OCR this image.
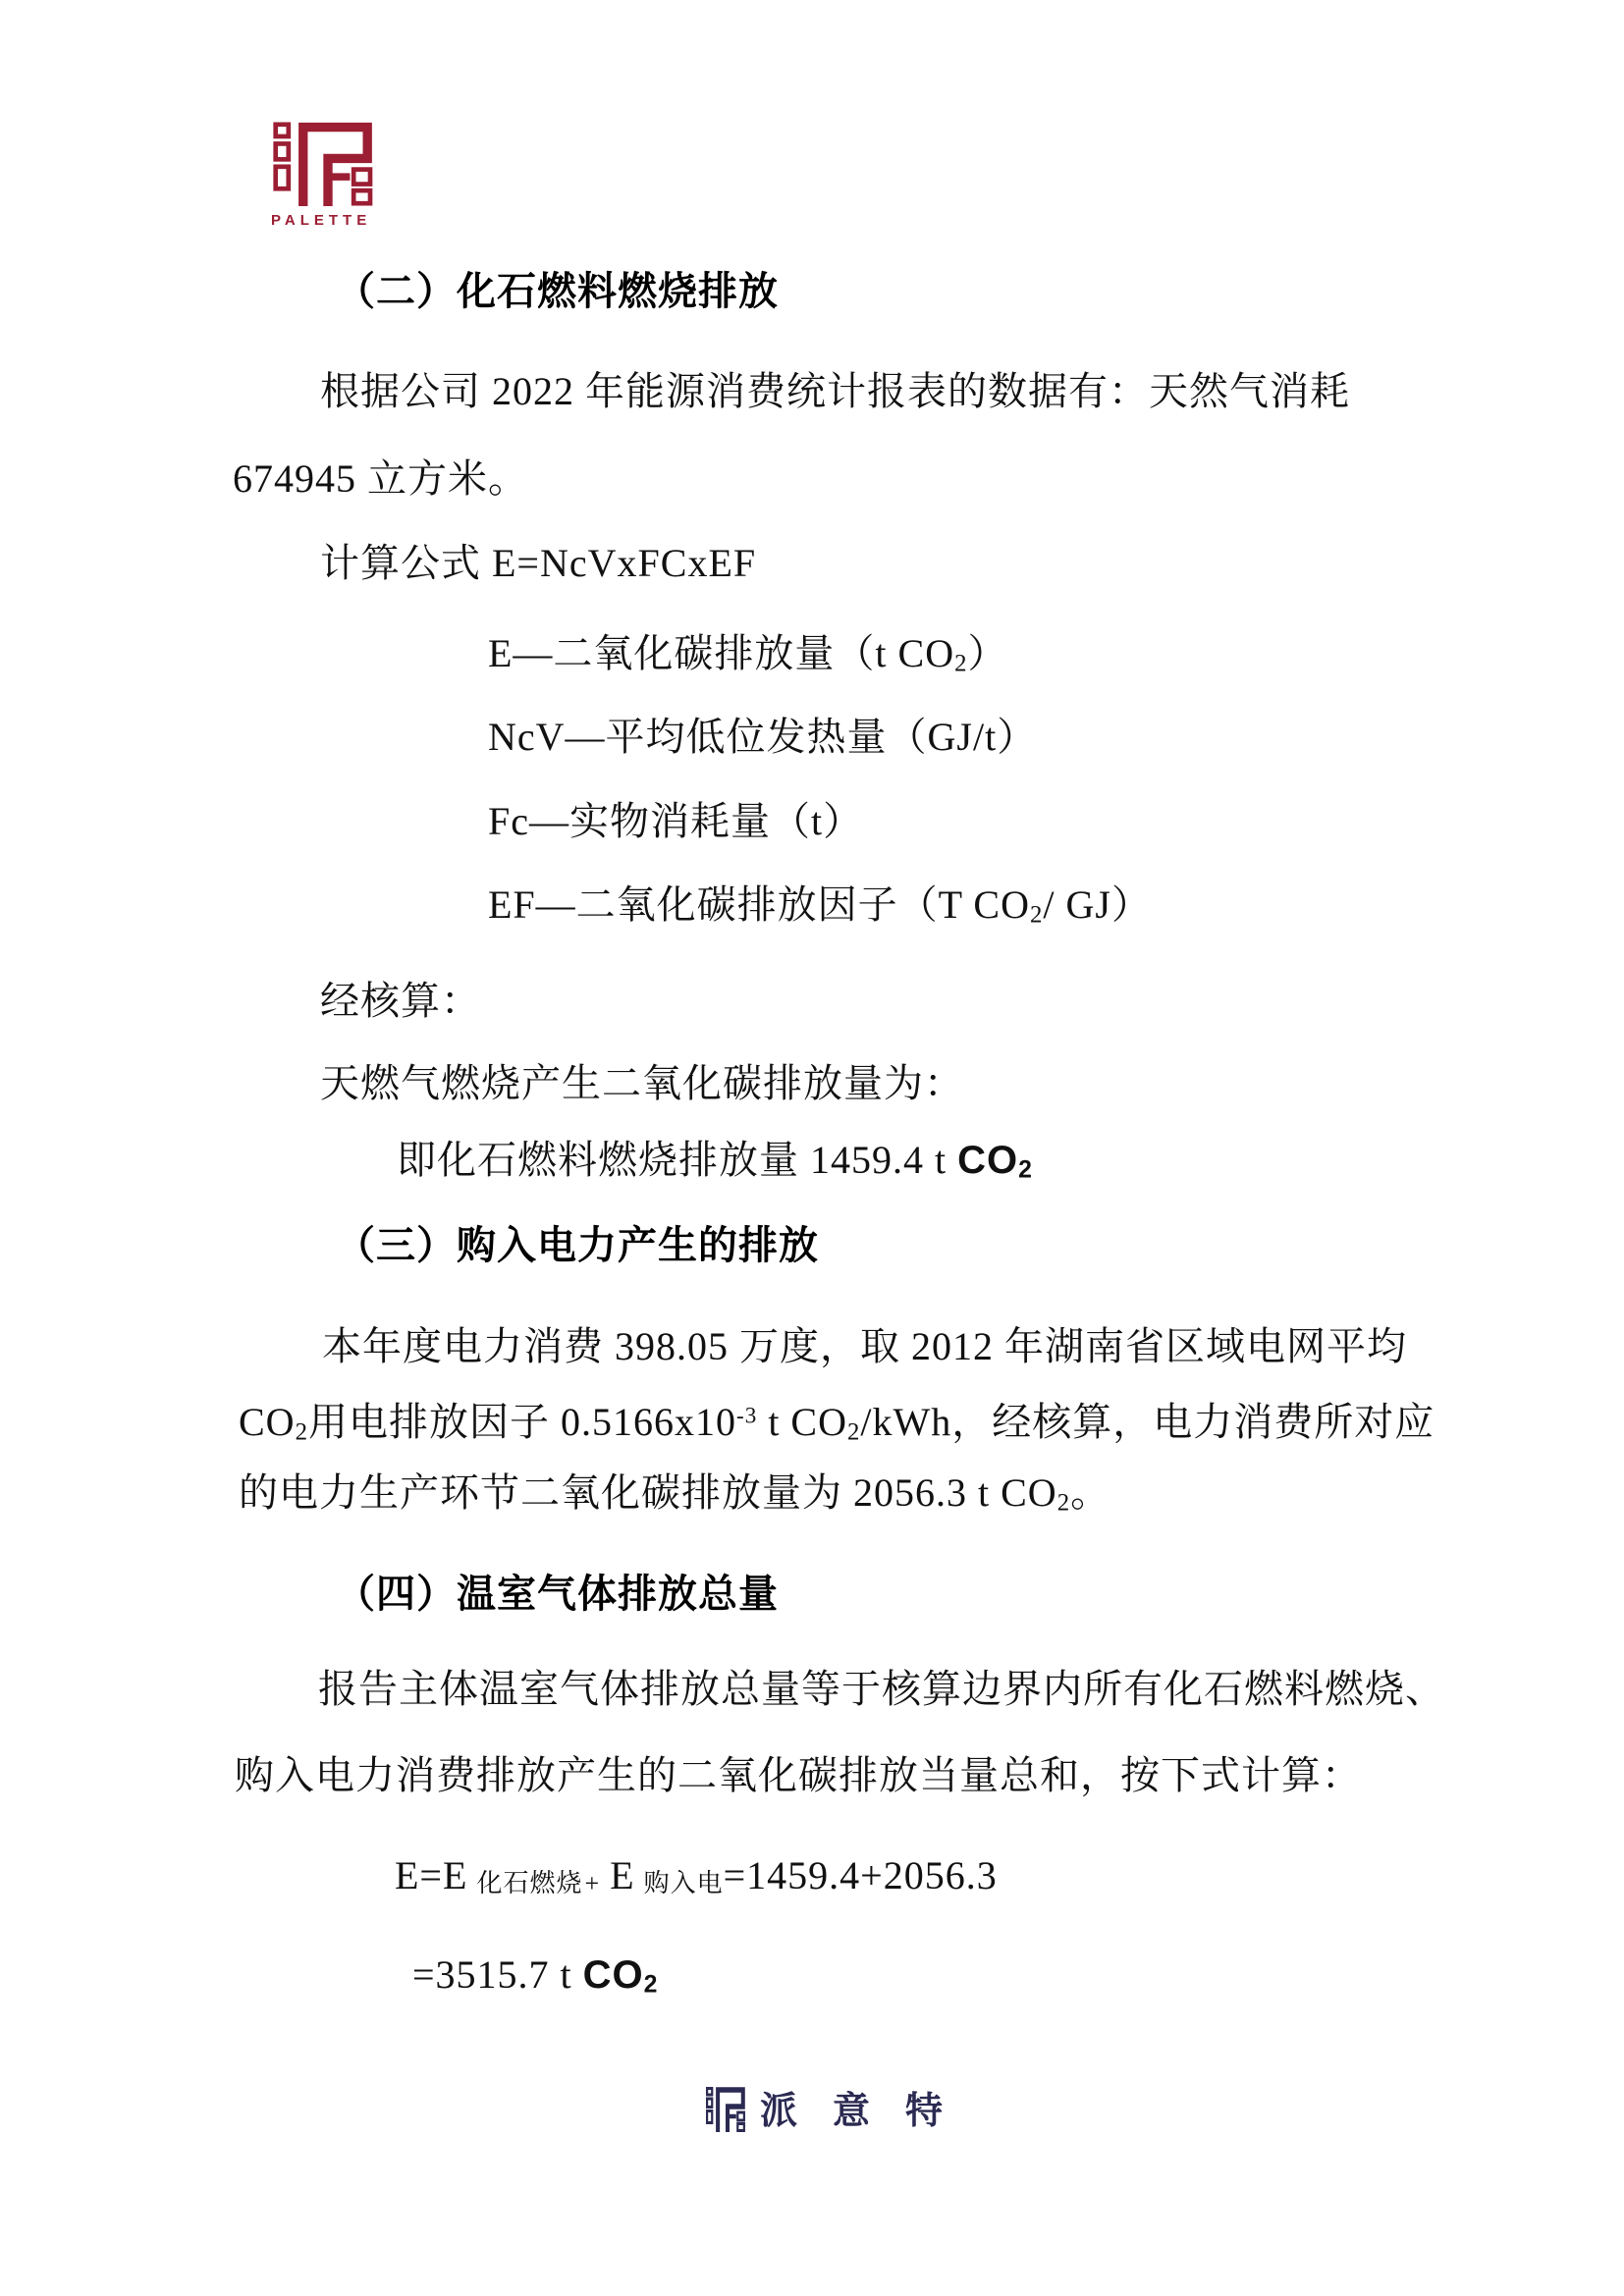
PALETTE
（二）化石燃料燃烧排放
根据公司 2022 年能源消费统计报表的数据有：天然气消耗
674945 立方米。
计算公式 E=NcVxFCxEF
E—二氧化碳排放量（t $CO_2$）
NcV—平均低位发热量（GJ/t）
Fc—实物消耗量（t）
EF—二氧化碳排放因子（T $CO_2/$ GJ）
经核算：
天燃气燃烧产生二氧化碳排放量为：
即化石燃料燃烧排放量 1459.4 t $CO_2$
（三）购入电力产生的排放
本年度电力消费 398.05 万度，取 2012 年湖南省区域电网平均
$CO_2$用电排放因子 $0.5166x10^{-3}$ t $CO_2$/kWh，经核算，电力消费所对应
的电力生产环节二氧化碳排放量为 2056.3 t $CO_2$。
（四）温室气体排放总量
报告主体温室气体排放总量等于核算边界内所有化石燃料燃烧、
购入电力消费排放产生的二氧化碳排放当量总和，按下式计算：
E=E 化石燃烧+ E 购入电=1459.4+2056.3
=3515.7 t $CO_2$
派意特
